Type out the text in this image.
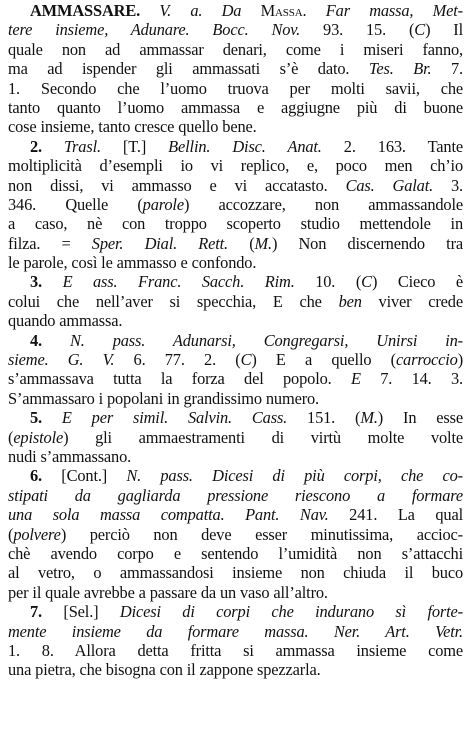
AMMASSARE. V. a. Da Massa. Far massa, Met-
tere insieme, Adunare. Bocc. Nov. 93. 15. (C) Il
quale non ad ammassar denari, come i miseri fanno,
ma ad ispender gli ammassati s’è dato. Tes. Br. 7.
1. Secondo che l’uomo truova per molti savii, che
tanto quanto l’uomo ammassa e aggiugne più di buone
cose insieme, tanto cresce quello bene.
2. Trasl. [T.] Bellin. Disc. Anat. 2. 163. Tante
moltiplicità d’esempli io vi replico, e, poco men ch’io
non dissi, vi ammasso e vi accatasto. Cas. Galat. 3.
346. Quelle (parole) accozzare, non ammassandole
a caso, nè con troppo scoperto studio mettendole in
filza. = Sper. Dial. Rett. (M.) Non discernendo tra
le parole, così le ammasso e confondo.
3. E ass. Franc. Sacch. Rim. 10. (C) Cieco è
colui che nell’aver si specchia, E che ben viver crede
quando ammassa.
4. N. pass. Adunarsi, Congregarsi, Unirsi in-
sieme. G. V. 6. 77. 2. (C) E a quello (carroccio)
s’ammassava tutta la forza del popolo. E 7. 14. 3.
S’ammassaro i popolani in grandissimo numero.
5. E per simil. Salvin. Cass. 151. (M.) In esse
(epistole) gli ammaestramenti di virtù molte volte
nudi s’ammassano.
6. [Cont.] N. pass. Dicesi di più corpi, che co-
stipati da gagliarda pressione riescono a formare
una sola massa compatta. Pant. Nav. 241. La qual
(polvere) perciò non deve esser minutissima, accioc-
chè avendo corpo e sentendo l’umidità non s’attacchi
al vetro, o ammassandosi insieme non chiuda il buco
per il quale avrebbe a passare da un vaso all’altro.
7. [Sel.] Dicesi di corpi che indurano sì forte-
mente insieme da formare massa. Ner. Art. Vetr.
1. 8. Allora detta fritta si ammassa insieme come
una pietra, che bisogna con il zappone spezzarla.
